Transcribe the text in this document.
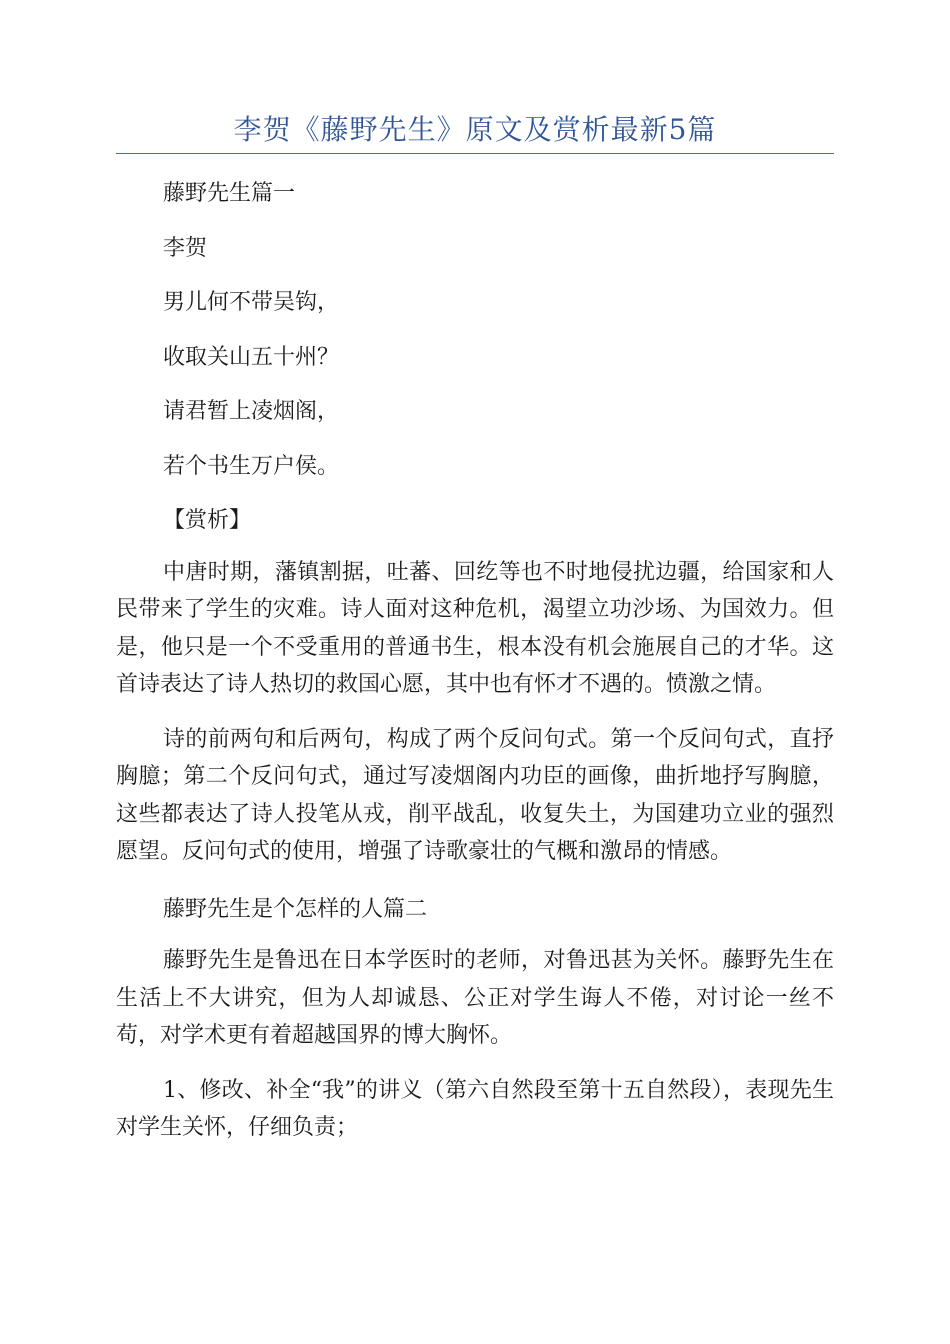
李贺《藤野先生》原文及赏析最新5篇

藤野先生篇一

李贺

男儿何不带吴钩，

收取关山五十州？

请君暂上凌烟阁，

若个书生万户侯。

【赏析】

中唐时期，藩镇割据，吐蕃、回纥等也不时地侵扰边疆，给国家和人民带来了学生的灾难。诗人面对这种危机，渴望立功沙场、为国效力。但是，他只是一个不受重用的普通书生，根本没有机会施展自己的才华。这首诗表达了诗人热切的救国心愿，其中也有怀才不遇的。愤激之情。

诗的前两句和后两句，构成了两个反问句式。第一个反问句式，直抒胸臆；第二个反问句式，通过写凌烟阁内功臣的画像，曲折地抒写胸臆，这些都表达了诗人投笔从戎，削平战乱，收复失土，为国建功立业的强烈愿望。反问句式的使用，增强了诗歌豪壮的气概和激昂的情感。

藤野先生是个怎样的人篇二

藤野先生是鲁迅在日本学医时的老师，对鲁迅甚为关怀。藤野先生在生活上不大讲究，但为人却诚恳、公正对学生诲人不倦，对讨论一丝不苟，对学术更有着超越国界的博大胸怀。

1、修改、补全“我”的讲义（第六自然段至第十五自然段），表现先生对学生关怀，仔细负责；
